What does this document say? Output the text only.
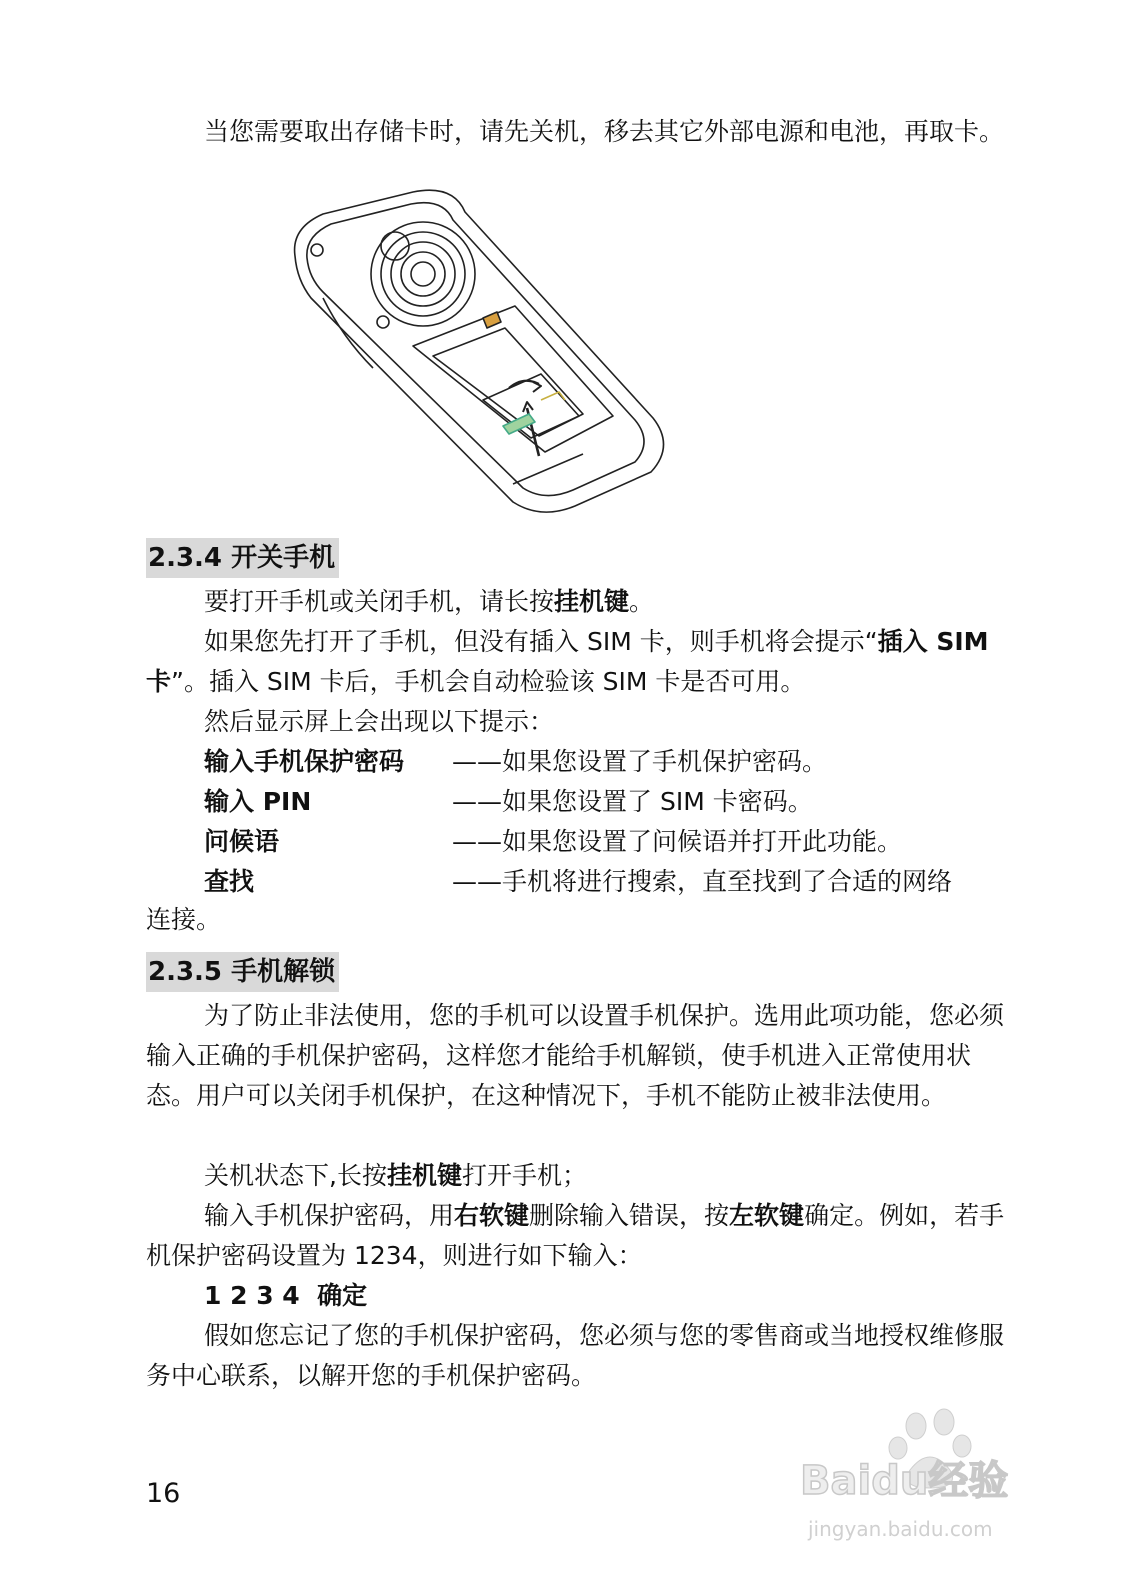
当您需要取出存储卡时，请先关机，移去其它外部电源和电池，再取卡。

2.3.4 开关手机

要打开手机或关闭手机，请长按挂机键。

如果您先打开了手机，但没有插入 SIM 卡，则手机将会提示“插入 SIM 卡”。插入 SIM 卡后，手机会自动检验该 SIM 卡是否可用。

然后显示屏上会出现以下提示：

输入手机保护密码 ——如果您设置了手机保护密码。
输入 PIN	——如果您设置了 SIM 卡密码。
问候语	——如果您设置了问候语并打开此功能。
查找	——手机将进行搜索，直至找到了合适的网络

连接。

2.3.5 手机解锁

为了防止非法使用，您的手机可以设置手机保护。选用此项功能，您必须输入正确的手机保护密码，这样您才能给手机解锁，使手机进入正常使用状态。用户可以关闭手机保护，在这种情况下，手机不能防止被非法使用。

关机状态下,长按挂机键打开手机；

输入手机保护密码，用右软键删除输入错误，按左软键确定。例如，若手机保护密码设置为 1234，则进行如下输入：

1 2 3 4  确定

假如您忘记了您的手机保护密码，您必须与您的零售商或当地授权维修服务中心联系，以解开您的手机保护密码。

16	Baidu经验
jingyan.baidu.com
